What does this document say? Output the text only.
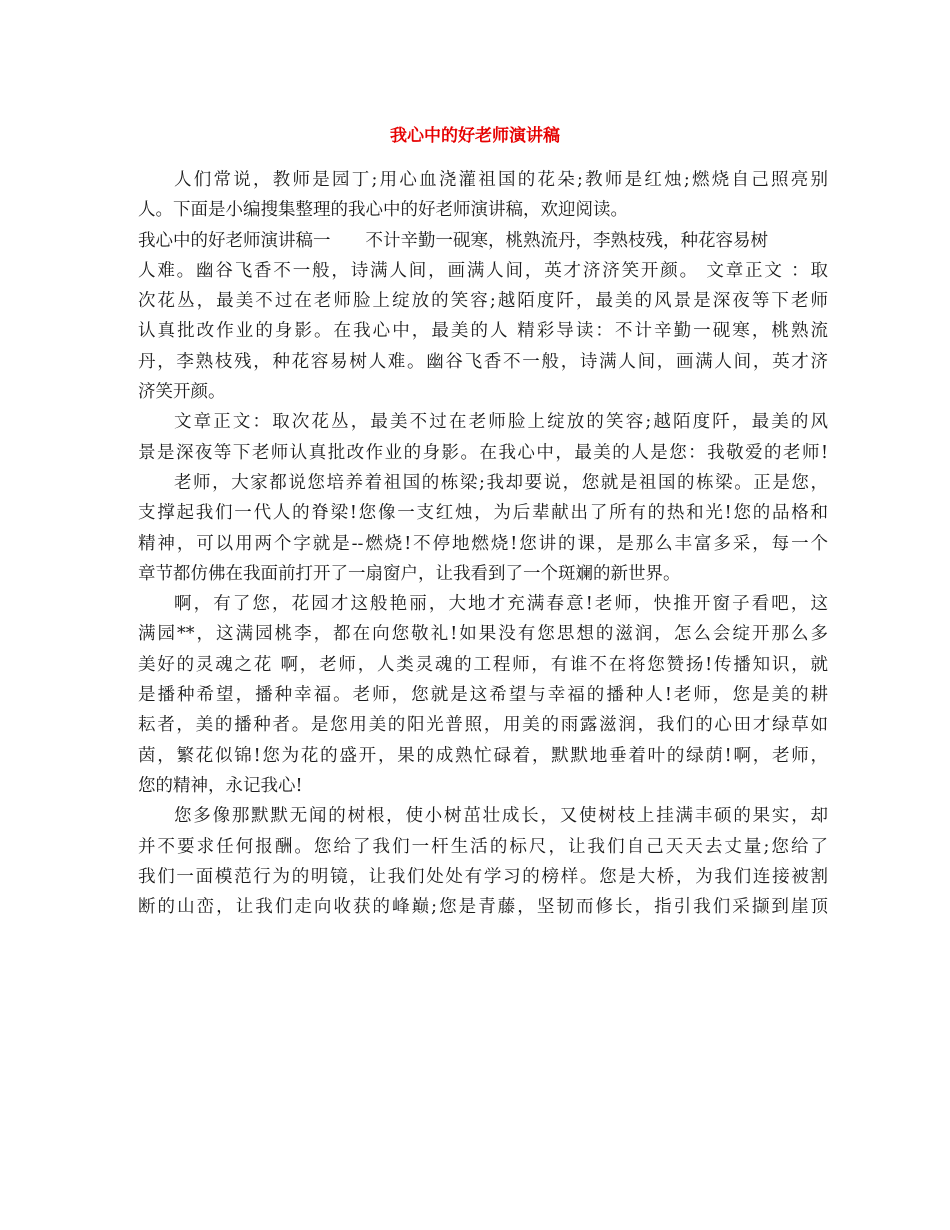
我心中的好老师演讲稿
人们常说，教师是园丁;用心血浇灌祖国的花朵;教师是红烛;燃烧自己照亮别
人。下面是小编搜集整理的我心中的好老师演讲稿，欢迎阅读。
我心中的好老师演讲稿一　　不计辛勤一砚寒，桃熟流丹，李熟枝残，种花容易树
人难。幽谷飞香不一般，诗满人间，画满人间，英才济济笑开颜。 文章正文 ：取
次花丛，最美不过在老师脸上绽放的笑容;越陌度阡，最美的风景是深夜等下老师
认真批改作业的身影。在我心中，最美的人 精彩导读：不计辛勤一砚寒，桃熟流
丹，李熟枝残，种花容易树人难。幽谷飞香不一般，诗满人间，画满人间，英才济
济笑开颜。
文章正文：取次花丛，最美不过在老师脸上绽放的笑容;越陌度阡，最美的风
景是深夜等下老师认真批改作业的身影。在我心中，最美的人是您：我敬爱的老师!
老师，大家都说您培养着祖国的栋梁;我却要说，您就是祖国的栋梁。正是您，
支撑起我们一代人的脊梁!您像一支红烛，为后辈献出了所有的热和光!您的品格和
精神，可以用两个字就是--燃烧!不停地燃烧!您讲的课，是那么丰富多采，每一个
章节都仿佛在我面前打开了一扇窗户，让我看到了一个斑斓的新世界。
啊，有了您，花园才这般艳丽，大地才充满春意!老师，快推开窗子看吧，这
满园**，这满园桃李，都在向您敬礼!如果没有您思想的滋润，怎么会绽开那么多
美好的灵魂之花 啊，老师，人类灵魂的工程师，有谁不在将您赞扬!传播知识，就
是播种希望，播种幸福。老师，您就是这希望与幸福的播种人!老师，您是美的耕
耘者，美的播种者。是您用美的阳光普照，用美的雨露滋润，我们的心田才绿草如
茵，繁花似锦!您为花的盛开，果的成熟忙碌着，默默地垂着叶的绿荫!啊，老师，
您的精神，永记我心!
您多像那默默无闻的树根，使小树茁壮成长，又使树枝上挂满丰硕的果实，却
并不要求任何报酬。您给了我们一杆生活的标尺，让我们自己天天去丈量;您给了
我们一面模范行为的明镜，让我们处处有学习的榜样。您是大桥，为我们连接被割
断的山峦，让我们走向收获的峰巅;您是青藤，坚韧而修长，指引我们采撷到崖顶
